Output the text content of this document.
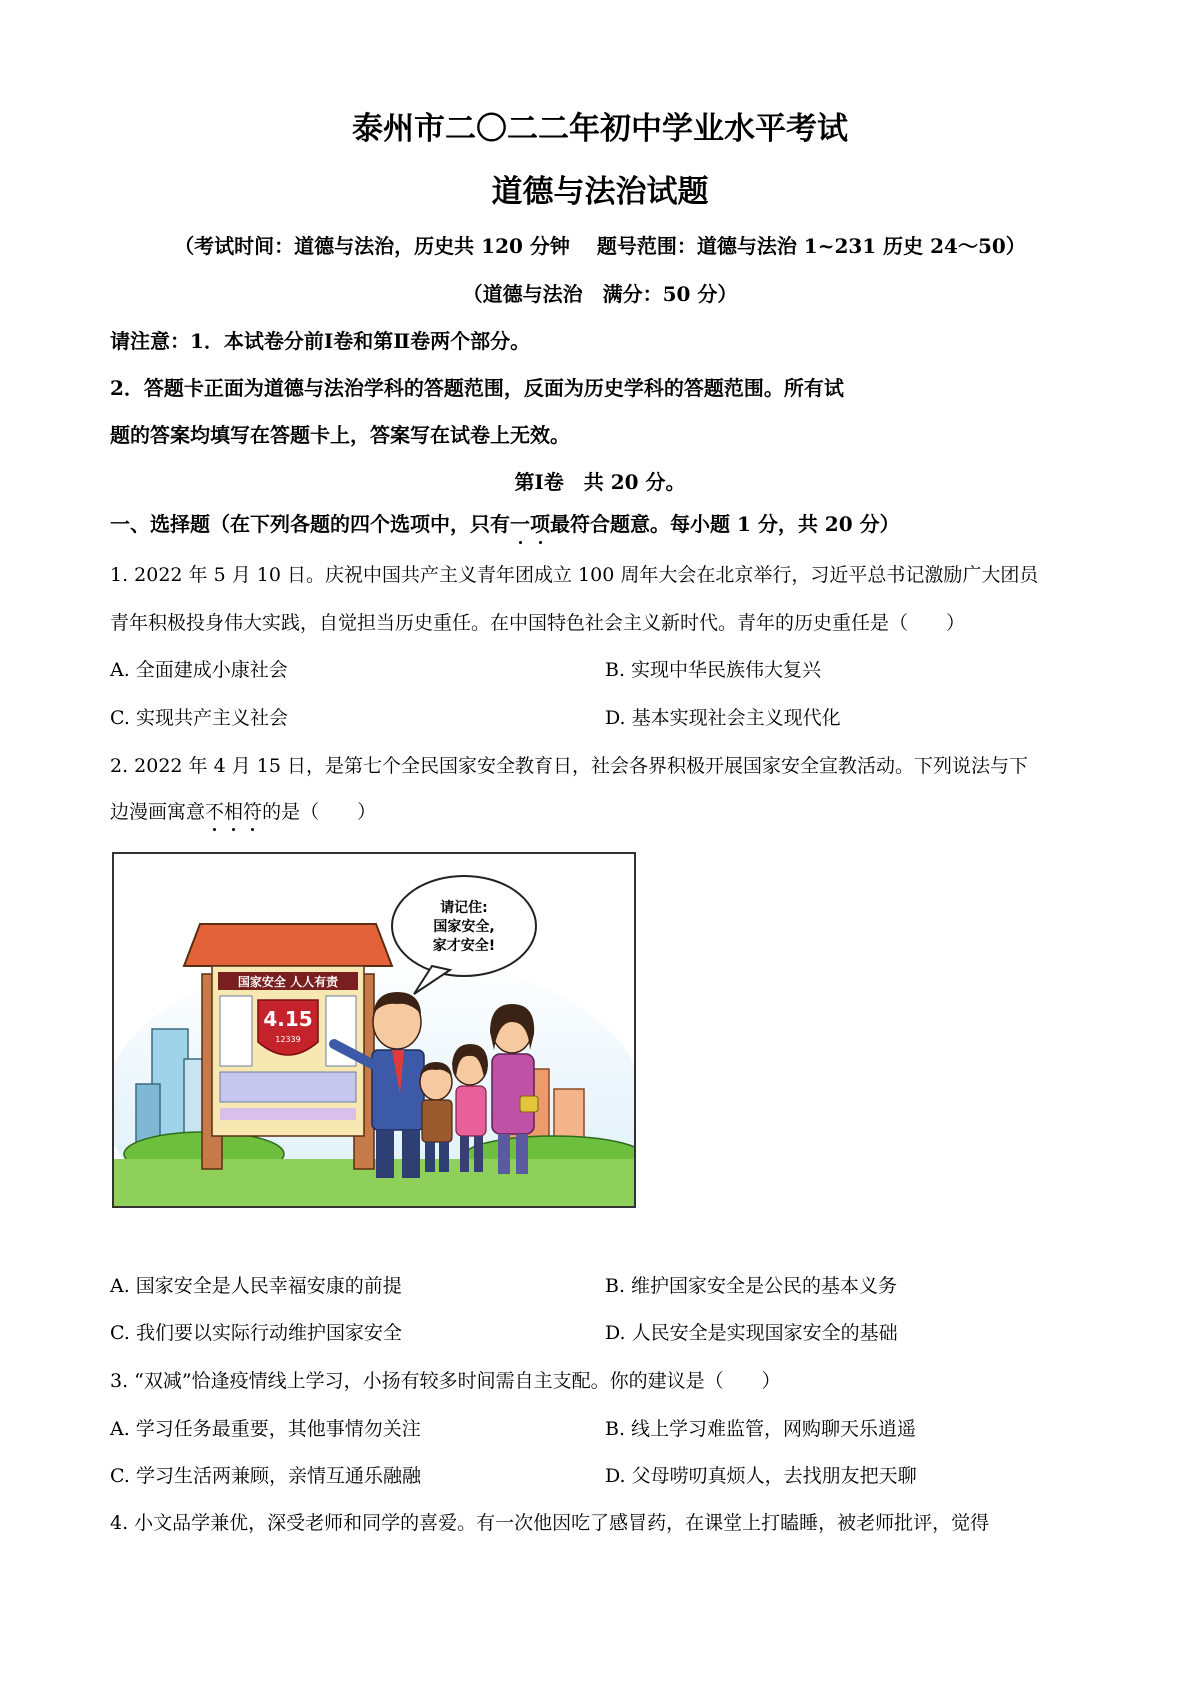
泰州市二〇二二年初中学业水平考试
道德与法治试题
（考试时间：道德与法治，历史共 120 分钟　 题号范围：道德与法治 1~231 历史 24～50）
（道德与法治　满分：50 分）
请注意：1．本试卷分前Ⅰ卷和第Ⅱ卷两个部分。
2．答题卡正面为道德与法治学科的答题范围，反面为历史学科的答题范围。所有试
题的答案均填写在答题卡上，答案写在试卷上无效。
第Ⅰ卷　共 20 分。
一、选择题（在下列各题的四个选项中，只有一项最符合题意。每小题 1 分，共 20 分）
1. 2022 年 5 月 10 日。庆祝中国共产主义青年团成立 100 周年大会在北京举行，习近平总书记激励广大团员
青年积极投身伟大实践，自觉担当历史重任。在中国特色社会主义新时代。青年的历史重任是（　　）
A. 全面建成小康社会	B. 实现中华民族伟大复兴
C. 实现共产主义社会	D. 基本实现社会主义现代化
2. 2022 年 4 月 15 日，是第七个全民国家安全教育日，社会各界积极开展国家安全宣教活动。下列说法与下
边漫画寓意不相符的是（　　）
国家安全 人人有责
4.15
12339
请记住:
国家安全,
家才安全!
A. 国家安全是人民幸福安康的前提	B. 维护国家安全是公民的基本义务
C. 我们要以实际行动维护国家安全	D. 人民安全是实现国家安全的基础
3. “双减”恰逢疫情线上学习，小扬有较多时间需自主支配。你的建议是（　　）
A. 学习任务最重要，其他事情勿关注	B. 线上学习难监管，网购聊天乐逍遥
C. 学习生活两兼顾，亲情互通乐融融	D. 父母唠叨真烦人，去找朋友把天聊
4. 小文品学兼优，深受老师和同学的喜爱。有一次他因吃了感冒药，在课堂上打瞌睡，被老师批评，觉得
